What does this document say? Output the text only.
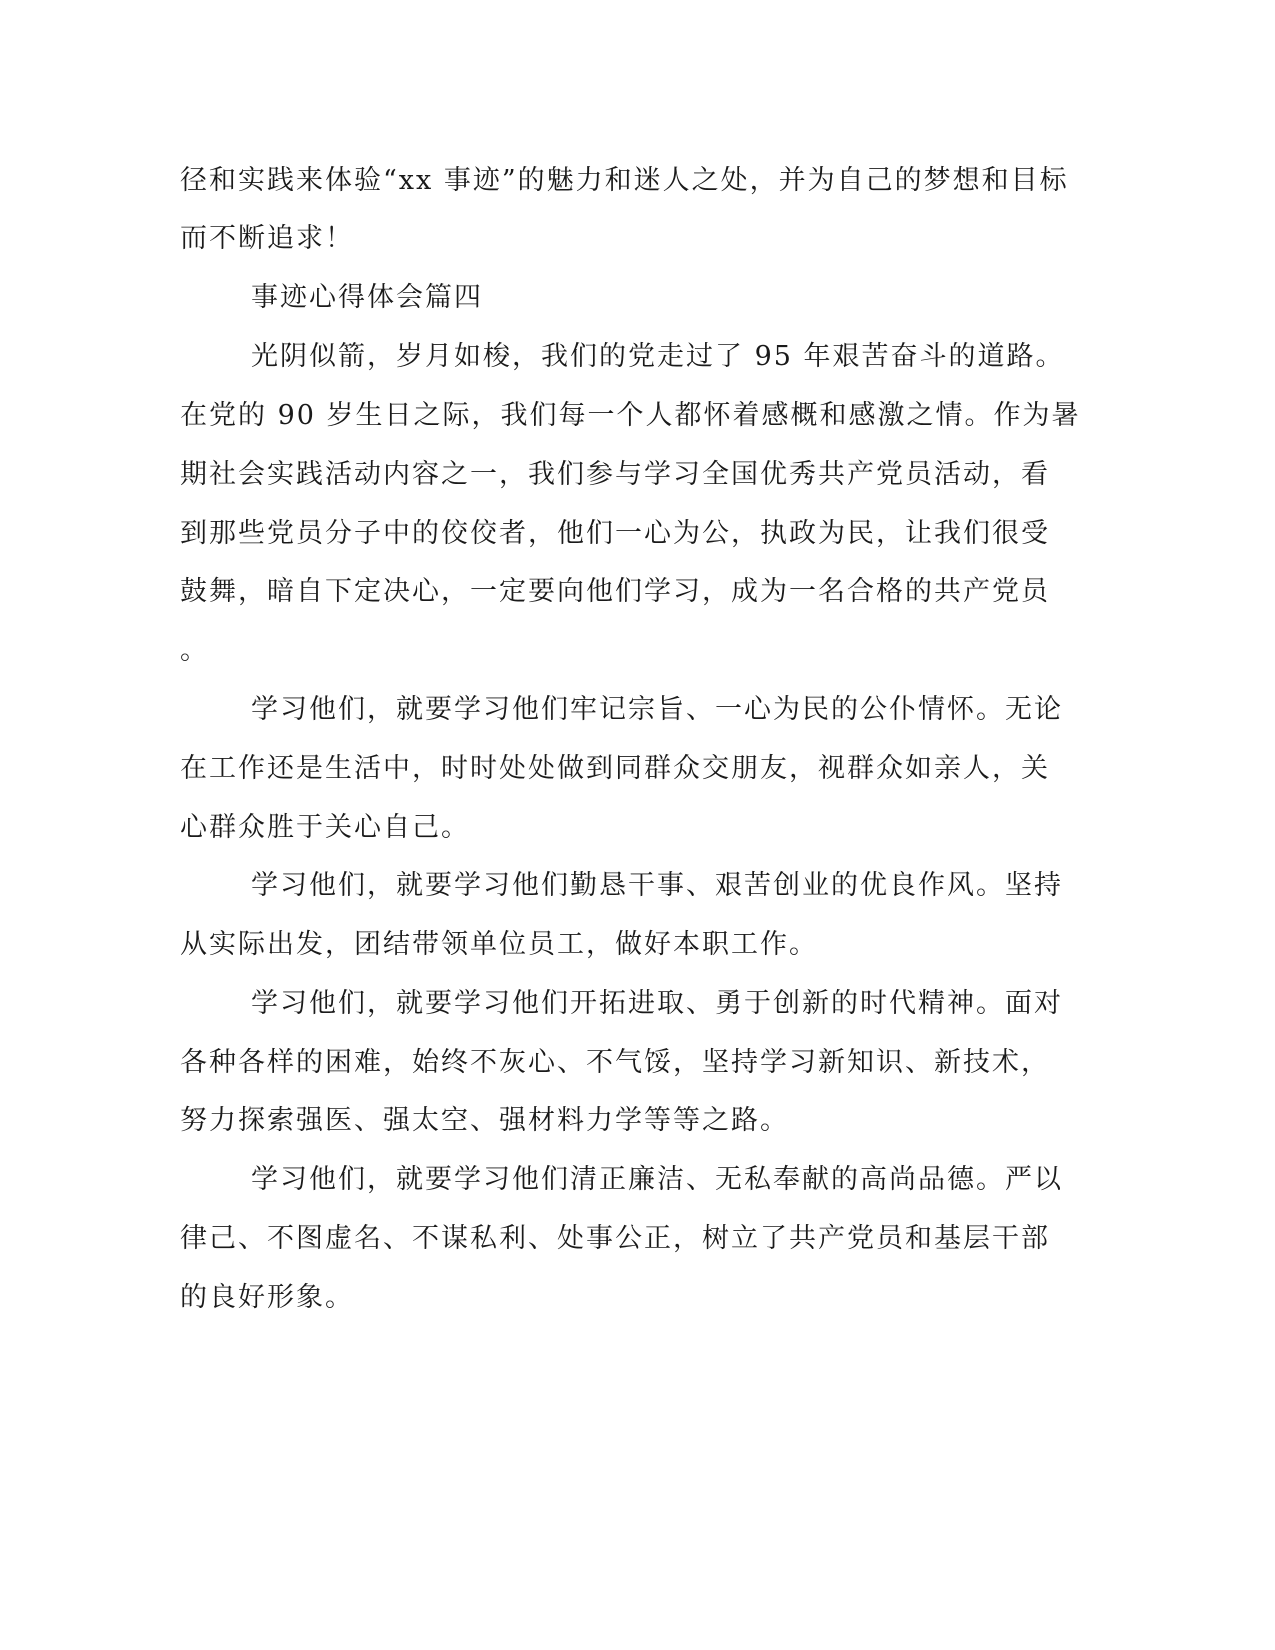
径和实践来体验“xx 事迹”的魅力和迷人之处，并为自己的梦想和目标
而不断追求！
事迹心得体会篇四
光阴似箭，岁月如梭，我们的党走过了 95 年艰苦奋斗的道路。
在党的 90 岁生日之际，我们每一个人都怀着感概和感激之情。作为暑
期社会实践活动内容之一，我们参与学习全国优秀共产党员活动，看
到那些党员分子中的佼佼者，他们一心为公，执政为民，让我们很受
鼓舞，暗自下定决心，一定要向他们学习，成为一名合格的共产党员
。
学习他们，就要学习他们牢记宗旨、一心为民的公仆情怀。无论
在工作还是生活中，时时处处做到同群众交朋友，视群众如亲人，关
心群众胜于关心自己。
学习他们，就要学习他们勤恳干事、艰苦创业的优良作风。坚持
从实际出发，团结带领单位员工，做好本职工作。
学习他们，就要学习他们开拓进取、勇于创新的时代精神。面对
各种各样的困难，始终不灰心、不气馁，坚持学习新知识、新技术，
努力探索强医、强太空、强材料力学等等之路。
学习他们，就要学习他们清正廉洁、无私奉献的高尚品德。严以
律己、不图虚名、不谋私利、处事公正，树立了共产党员和基层干部
的良好形象。
